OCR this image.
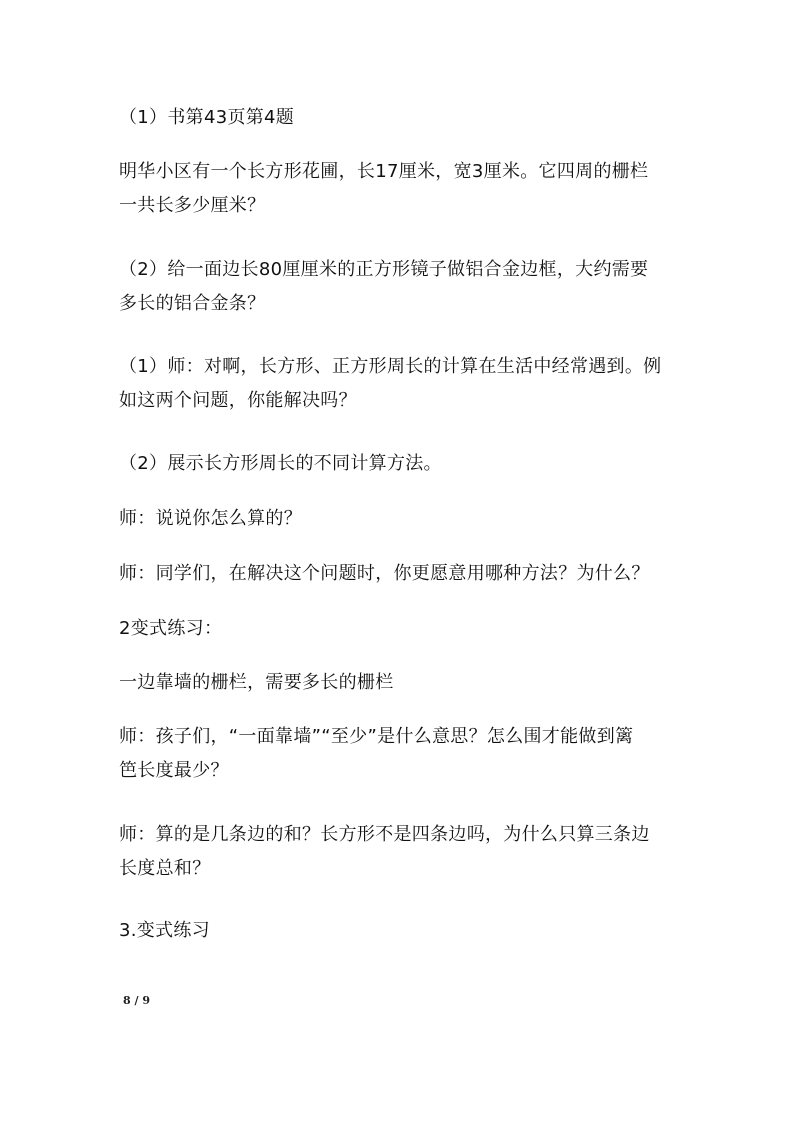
（1）书第43页第4题

明华小区有一个长方形花圃，长17厘米，宽3厘米。它四周的栅栏
一共长多少厘米？

（2）给一面边长80厘厘米的正方形镜子做铝合金边框，大约需要
多长的铝合金条？

（1）师：对啊，长方形、正方形周长的计算在生活中经常遇到。例
如这两个问题，你能解决吗？

（2）展示长方形周长的不同计算方法。

师：说说你怎么算的？

师：同学们，在解决这个问题时，你更愿意用哪种方法？为什么？

2变式练习：

一边靠墙的栅栏，需要多长的栅栏

师：孩子们，“一面靠墙”“至少”是什么意思？怎么围才能做到篱
笆长度最少？

师：算的是几条边的和？长方形不是四条边吗，为什么只算三条边
长度总和？

3.变式练习

8 / 9
